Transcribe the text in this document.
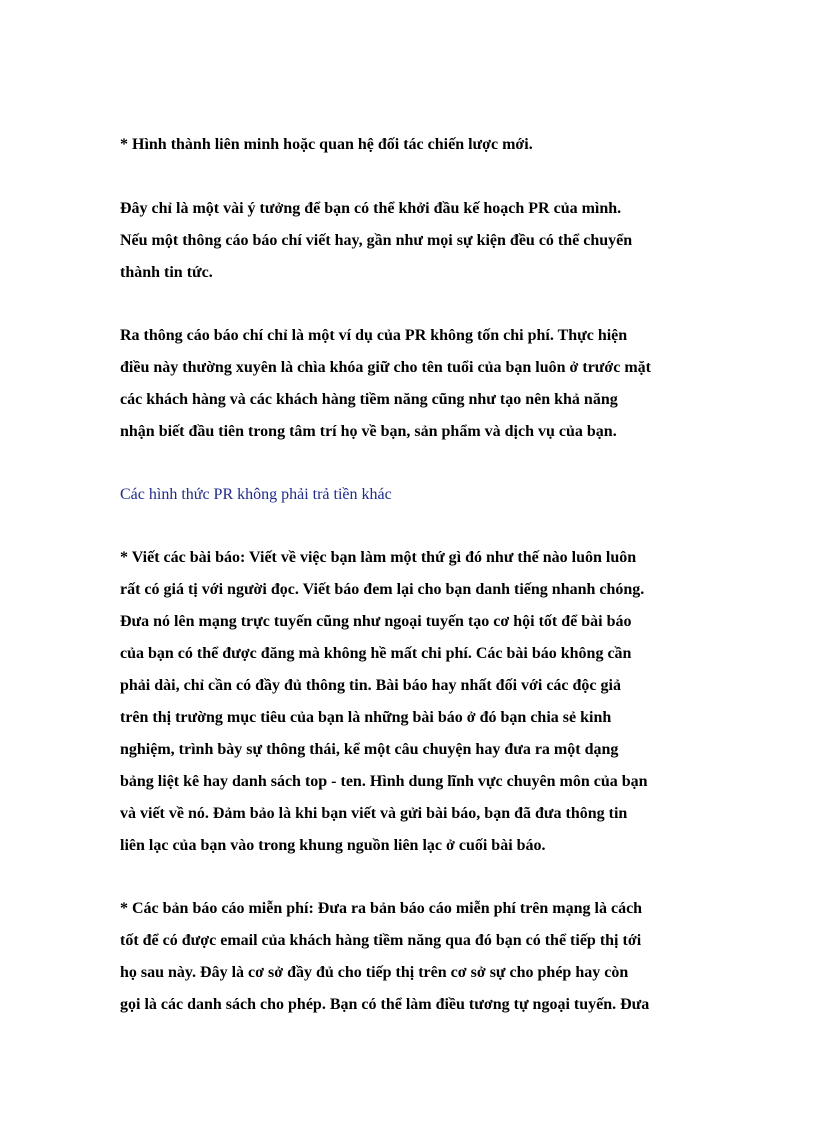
* Hình thành liên minh hoặc quan hệ đối tác chiến lược mới.

Đây chỉ là một vài ý tưởng để bạn có thể khởi đầu kế hoạch PR của mình.
Nếu một thông cáo báo chí viết hay, gần như mọi sự kiện đều có thể chuyển
thành tin tức.

Ra thông cáo báo chí chỉ là một ví dụ của PR không tốn chi phí. Thực hiện
điều này thường xuyên là chìa khóa giữ cho tên tuổi của bạn luôn ở trước mặt
các khách hàng và các khách hàng tiềm năng cũng như tạo nên khả năng
nhận biết đầu tiên trong tâm trí họ về bạn, sản phẩm và dịch vụ của bạn.

Các hình thức PR không phải trả tiền khác

* Viết các bài báo: Viết về việc bạn làm một thứ gì đó như thế nào luôn luôn
rất có giá tị với người đọc. Viết báo đem lại cho bạn danh tiếng nhanh chóng.
Đưa nó lên mạng trực tuyến cũng như ngoại tuyến tạo cơ hội tốt để bài báo
của bạn có thể được đăng mà không hề mất chi phí. Các bài báo không cần
phải dài, chỉ cần có đầy đủ thông tin. Bài báo hay nhất đối với các độc giả
trên thị trường mục tiêu của bạn là những bài báo ở đó bạn chia sẻ kinh
nghiệm, trình bày sự thông thái, kể một câu chuyện hay đưa ra một dạng
bảng liệt kê hay danh sách top - ten. Hình dung lĩnh vực chuyên môn của bạn
và viết về nó. Đảm bảo là khi bạn viết và gửi bài báo, bạn đã đưa thông tin
liên lạc của bạn vào trong khung nguồn liên lạc ở cuối bài báo.

* Các bản báo cáo miễn phí: Đưa ra bản báo cáo miễn phí trên mạng là cách
tốt để có được email của khách hàng tiềm năng qua đó bạn có thể tiếp thị tới
họ sau này. Đây là cơ sở đầy đủ cho tiếp thị trên cơ sở sự cho phép hay còn
gọi là các danh sách cho phép. Bạn có thể làm điều tương tự ngoại tuyến. Đưa
